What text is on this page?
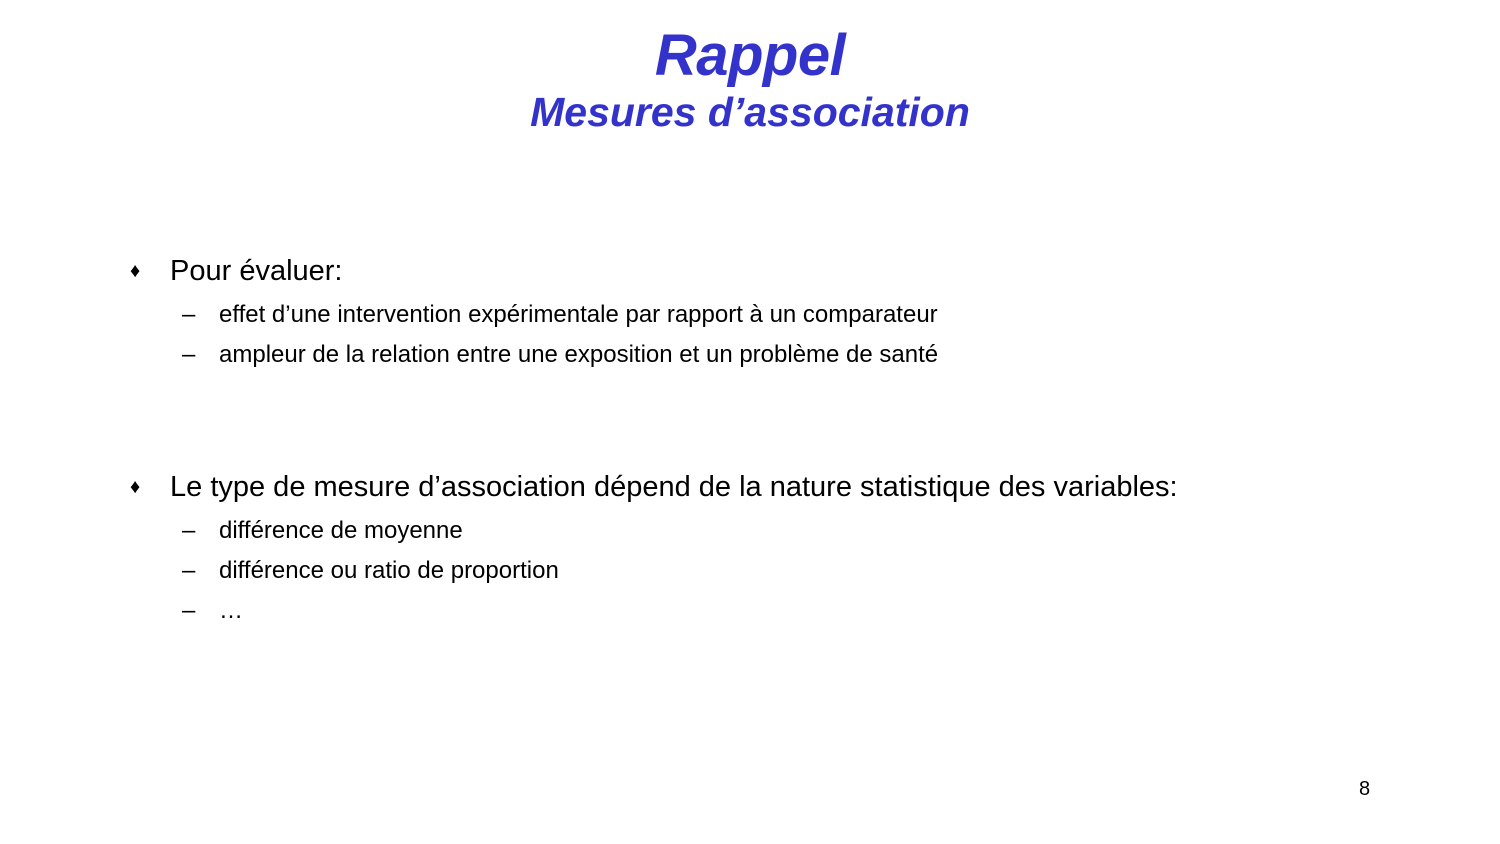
Rappel
Mesures d’association
♦	Pour évaluer:
– effet d’une intervention expérimentale par rapport à un comparateur
– ampleur de la relation entre une exposition et un problème de santé
♦	Le type de mesure d’association dépend de la nature statistique des variables:
– différence de moyenne
– différence ou ratio de proportion
– …
8
